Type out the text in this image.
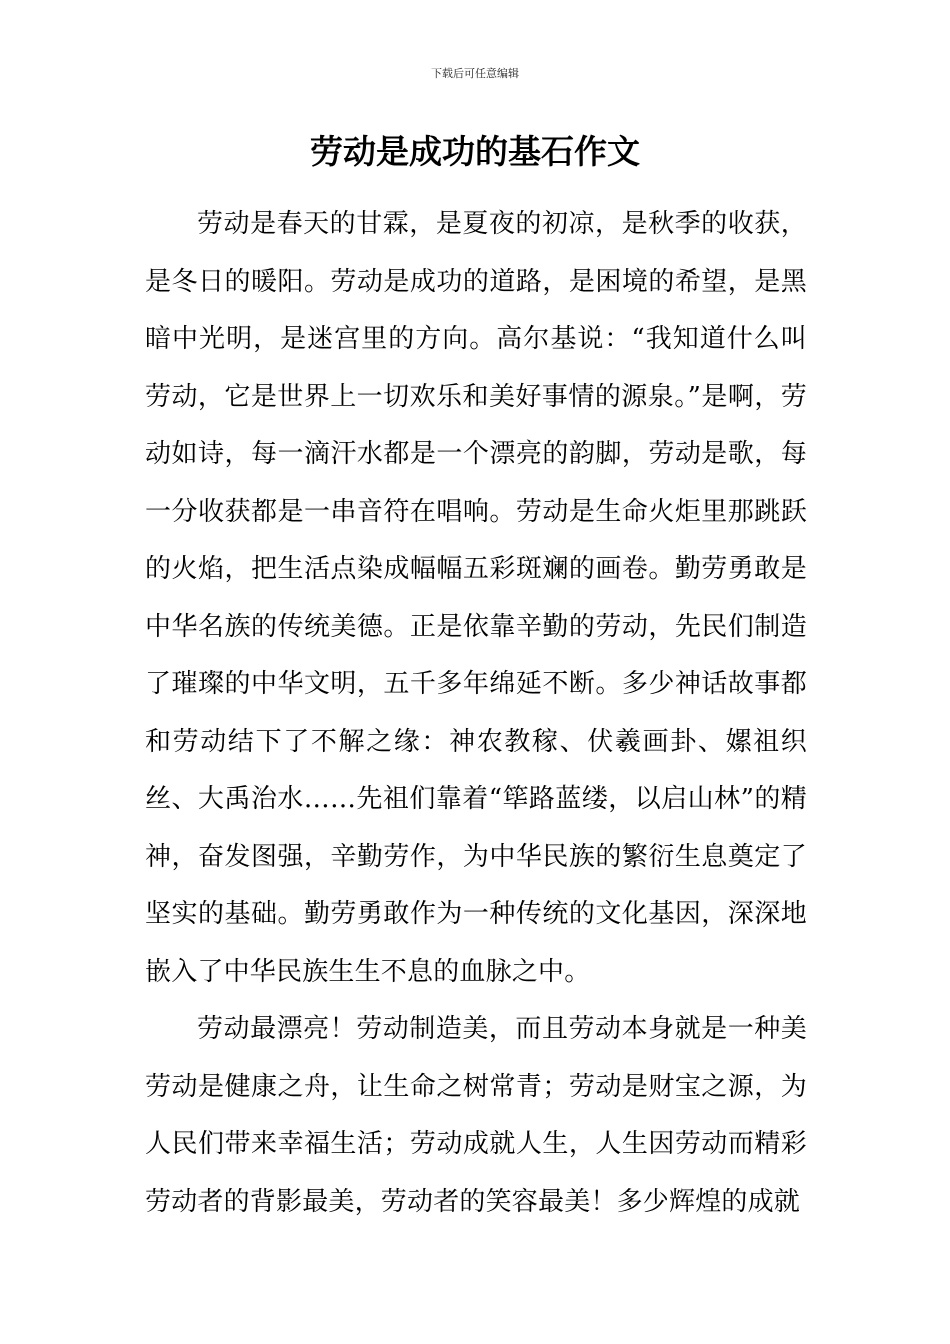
下载后可任意编辑
劳动是成功的基石作文

劳动是春天的甘霖，是夏夜的初凉，是秋季的收获，是冬日的暖阳。劳动是成功的道路，是困境的希望，是黑暗中光明，是迷宫里的方向。高尔基说：“我知道什么叫劳动，它是世界上一切欢乐和美好事情的源泉。”是啊，劳动如诗，每一滴汗水都是一个漂亮的韵脚，劳动是歌，每一分收获都是一串音符在唱响。劳动是生命火炬里那跳跃的火焰，把生活点染成幅幅五彩斑斓的画卷。勤劳勇敢是中华名族的传统美德。正是依靠辛勤的劳动，先民们制造了璀璨的中华文明，五千多年绵延不断。多少神话故事都和劳动结下了不解之缘：神农教稼、伏羲画卦、嫘祖织丝、大禹治水……先祖们靠着“筚路蓝缕，以启山林”的精神，奋发图强，辛勤劳作，为中华民族的繁衍生息奠定了坚实的基础。勤劳勇敢作为一种传统的文化基因，深深地嵌入了中华民族生生不息的血脉之中。

劳动最漂亮！劳动制造美，而且劳动本身就是一种美劳动是健康之舟，让生命之树常青；劳动是财宝之源，为人民们带来幸福生活；劳动成就人生，人生因劳动而精彩劳动者的背影最美，劳动者的笑容最美！多少辉煌的成就
